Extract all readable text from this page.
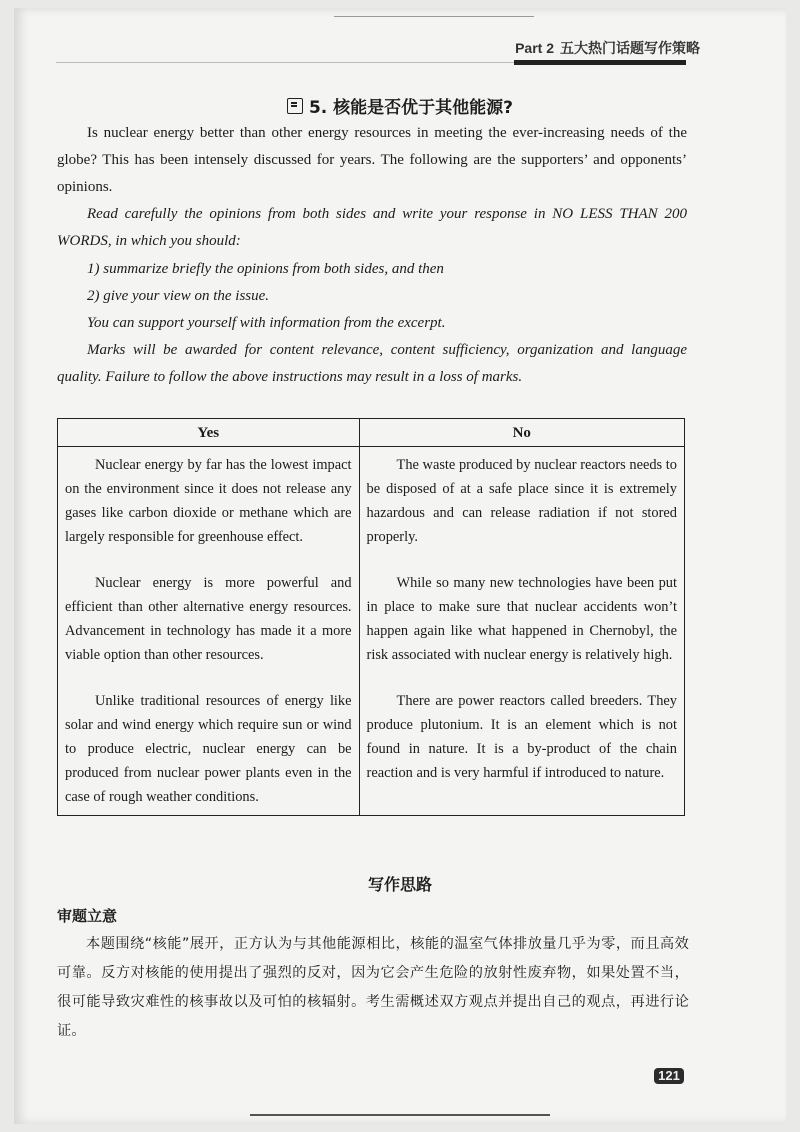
Part 2 五大热门话题写作策略
5. 核能是否优于其他能源?

Is nuclear energy better than other energy resources in meeting the ever-increasing needs of the globe? This has been intensely discussed for years. The following are the supporters’ and opponents’ opinions.

Read carefully the opinions from both sides and write your response in NO LESS THAN 200 WORDS, in which you should:

1) summarize briefly the opinions from both sides, and then

2) give your view on the issue.

You can support yourself with information from the excerpt.

Marks will be awarded for content relevance, content sufficiency, organization and language quality. Failure to follow the above instructions may result in a loss of marks.

Yes	No

Nuclear energy by far has the lowest impact on the environment since it does not release any gases like carbon dioxide or methane which are largely responsible for greenhouse effect.	The waste produced by nuclear reactors needs to be disposed of at a safe place since it is extremely hazardous and can release radiation if not stored properly.

Nuclear energy is more powerful and efficient than other alternative energy resources. Advancement in technology has made it a more viable option than other resources.	While so many new technologies have been put in place to make sure that nuclear accidents won’t happen again like what happened in Chernobyl, the risk associated with nuclear energy is relatively high.

Unlike traditional resources of energy like solar and wind energy which require sun or wind to produce electric, nuclear energy can be produced from nuclear power plants even in the case of rough weather conditions.	There are power reactors called breeders. They produce plutonium. It is an element which is not found in nature. It is a by-product of the chain reaction and is very harmful if introduced to nature.

写作思路
审题立意

本题围绕“核能”展开，正方认为与其他能源相比，核能的温室气体排放量几乎为零，而且高效可靠。反方对核能的使用提出了强烈的反对，因为它会产生危险的放射性废弃物，如果处置不当，很可能导致灾难性的核事故以及可怕的核辐射。考生需概述双方观点并提出自己的观点，再进行论证。

121
